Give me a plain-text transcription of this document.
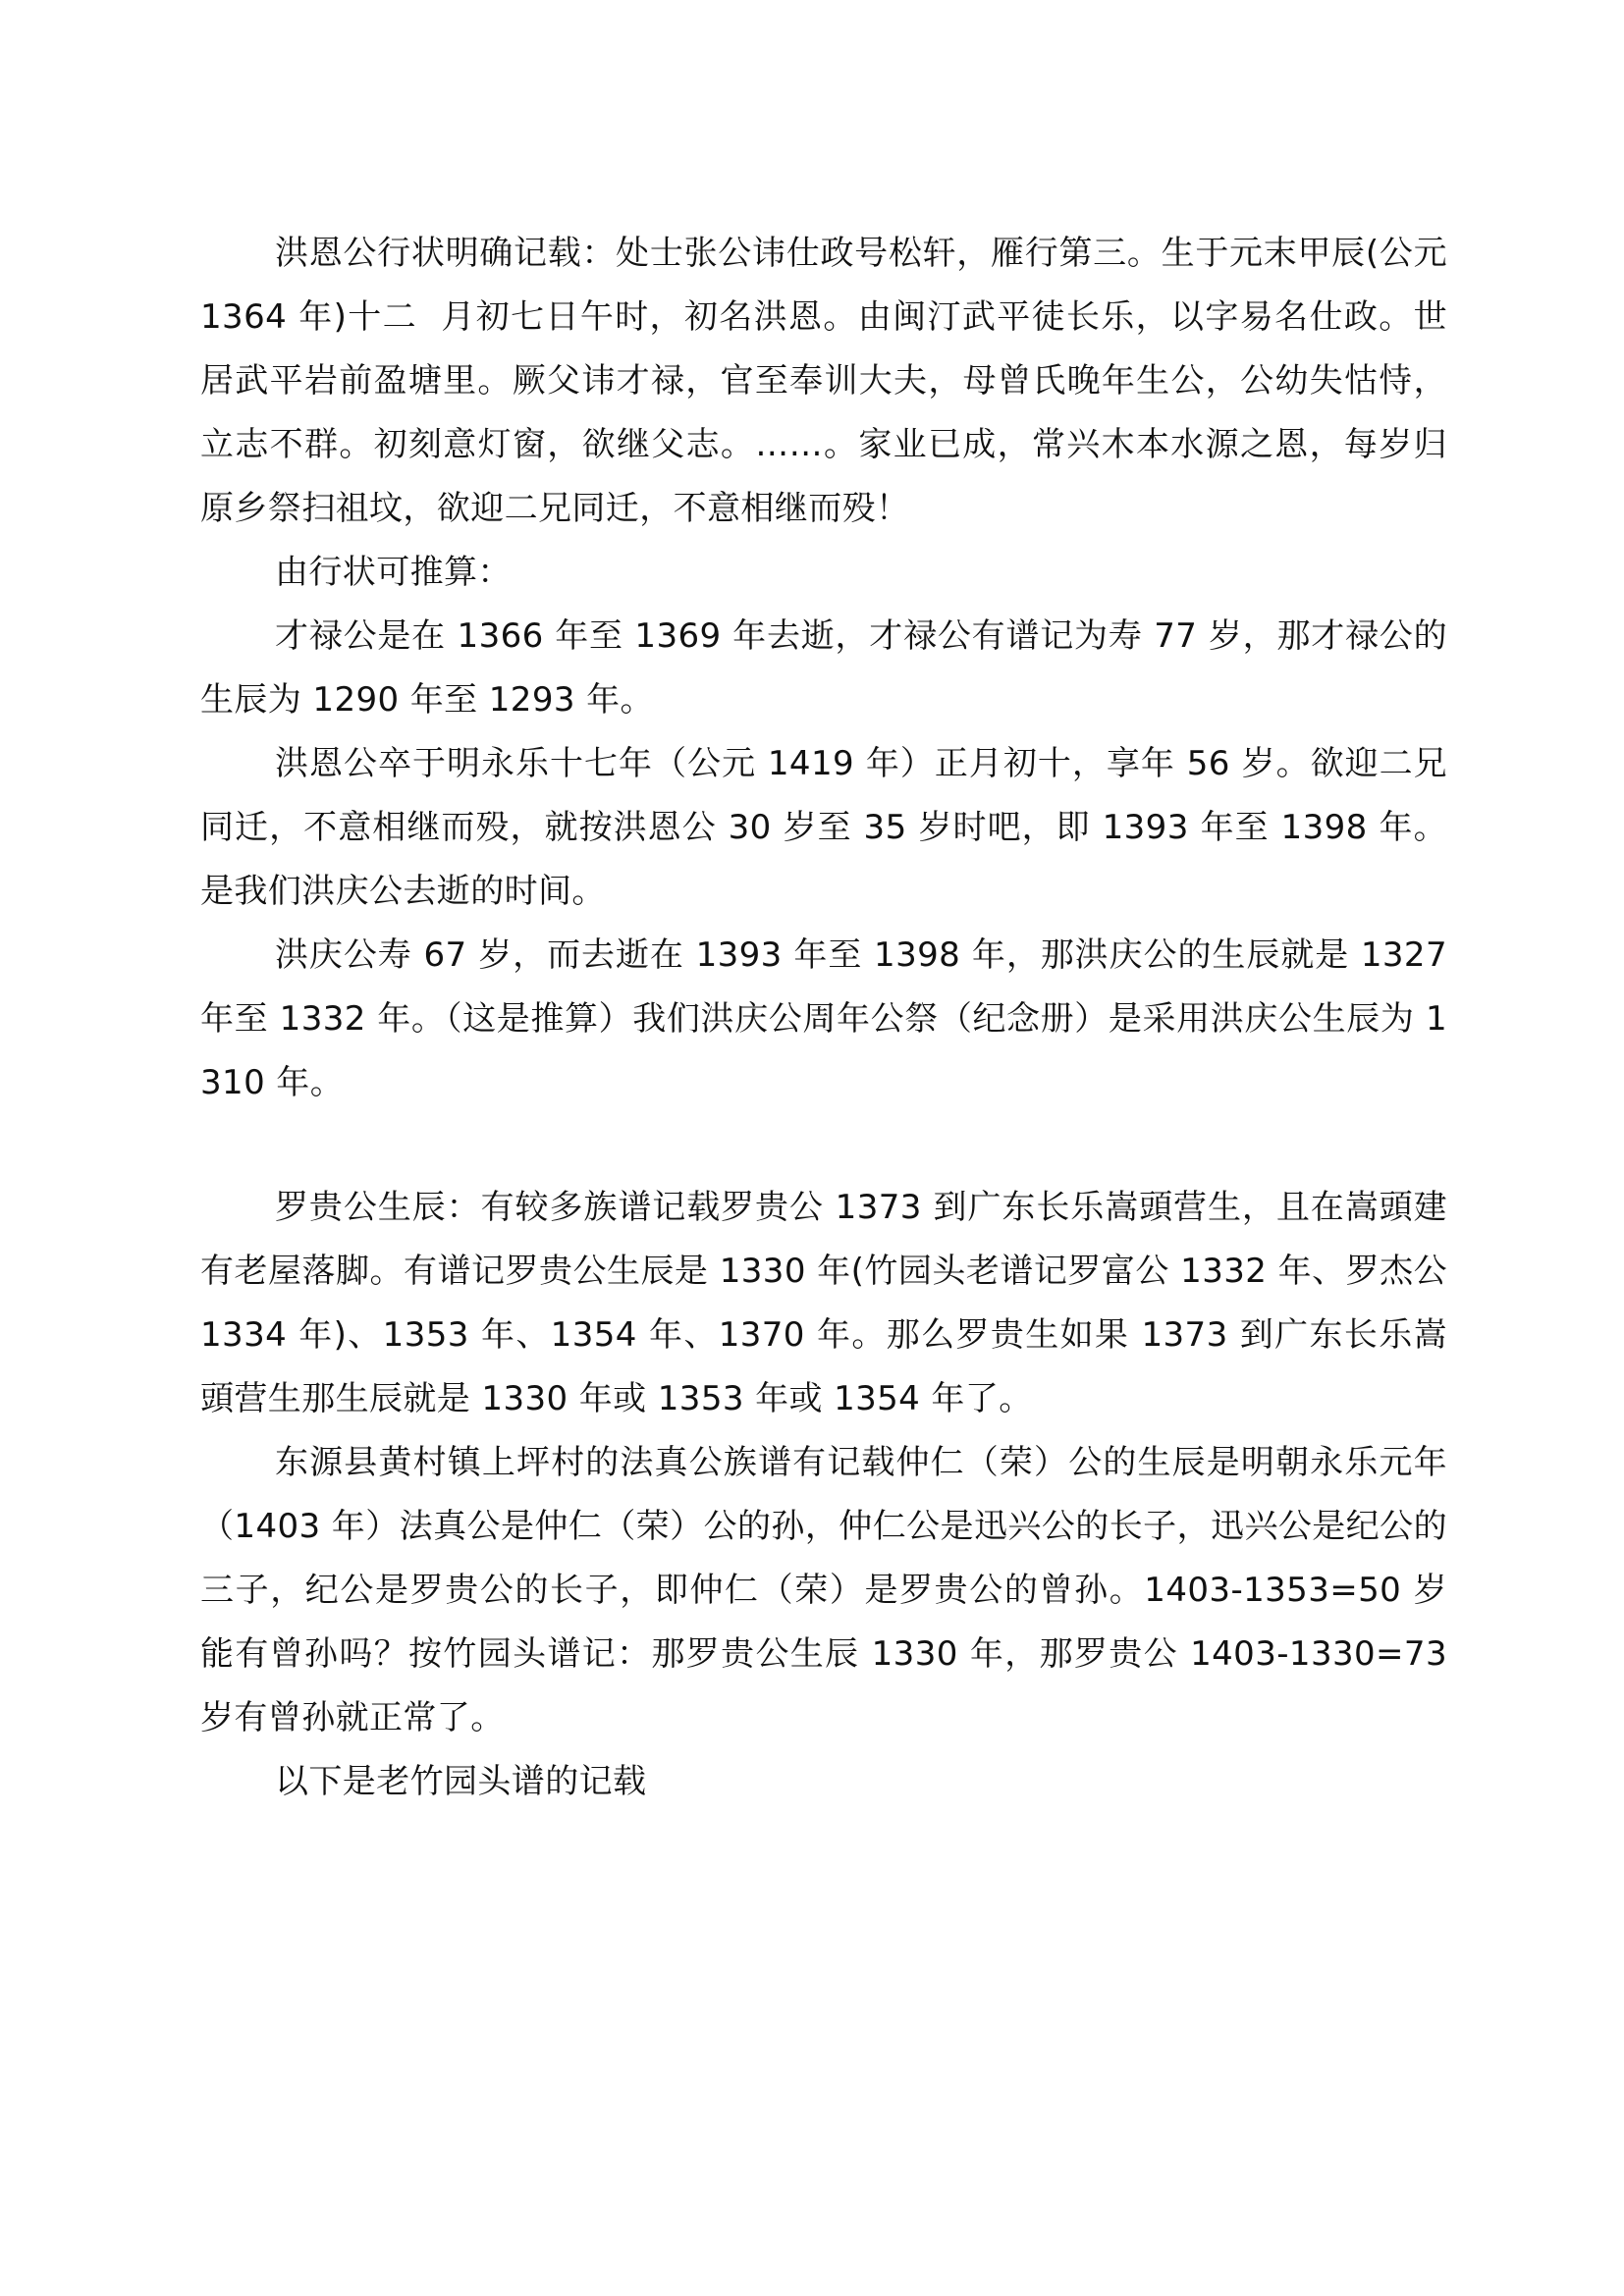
洪恩公行状明确记载：处士张公讳仕政号松轩，雁行第三。生于元末甲辰(公元 1364 年)十二  月初七日午时，初名洪恩。由闽汀武平徒长乐，以字易名仕政。世居武平岩前盈塘里。厥父讳才禄，官至奉训大夫，母曾氏晚年生公，公幼失怙恃，立志不群。初刻意灯窗，欲继父志。……。家业已成，常兴木本水源之恩，每岁归原乡祭扫祖坟，欲迎二兄同迁，不意相继而殁！

由行状可推算：

才禄公是在 1366 年至 1369 年去逝，才禄公有谱记为寿 77 岁，那才禄公的生辰为 1290 年至 1293 年。

洪恩公卒于明永乐十七年（公元 1419 年）正月初十，享年 56 岁。欲迎二兄同迁，不意相继而殁，就按洪恩公 30 岁至 35 岁时吧，即 1393 年至 1398 年。是我们洪庆公去逝的时间。

洪庆公寿 67 岁，而去逝在 1393 年至 1398 年，那洪庆公的生辰就是 1327 年至 1332 年。（这是推算）我们洪庆公周年公祭（纪念册）是采用洪庆公生辰为 1310 年。

罗贵公生辰：有较多族谱记载罗贵公 1373 到广东长乐嵩頭营生，且在嵩頭建有老屋落脚。有谱记罗贵公生辰是 1330 年(竹园头老谱记罗富公 1332 年、罗杰公 1334 年)、1353 年、1354 年、1370 年。那么罗贵生如果 1373 到广东长乐嵩頭营生那生辰就是 1330 年或 1353 年或 1354 年了。

东源县黄村镇上坪村的法真公族谱有记载仲仁（荣）公的生辰是明朝永乐元年（1403 年）法真公是仲仁（荣）公的孙，仲仁公是迅兴公的长子，迅兴公是纪公的三子，纪公是罗贵公的长子，即仲仁（荣）是罗贵公的曾孙。1403-1353=50 岁能有曾孙吗？按竹园头谱记：那罗贵公生辰 1330 年，那罗贵公 1403-1330=73 岁有曾孙就正常了。

以下是老竹园头谱的记载
